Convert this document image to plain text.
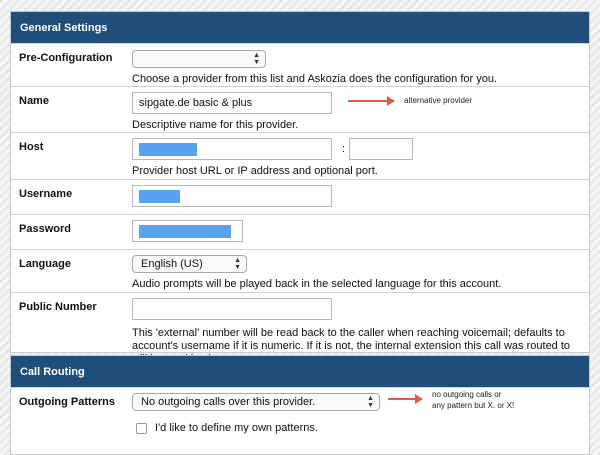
General Settings
Pre-Configuration	▲
▼
Choose a provider from this list and Askozia does the configuration for you.
Name	sipgate.de basic & plus
Descriptive name for this provider.
Host	:
Provider host URL or IP address and optional port.
Username
Password
Language	English (US)	▲
▼
Audio prompts will be played back in the selected language for this account.
Public Number
This 'external' number will be read back to the caller when reaching voicemail; defaults to account's username if it is numeric. If it is not, the internal extension this call was routed to
Call Routing
Outgoing Patterns	No outgoing calls over this provider.	▲
▼
I'd like to define my own patterns.
alternative provider
no outgoing calls or
any pattern but X. or X!
